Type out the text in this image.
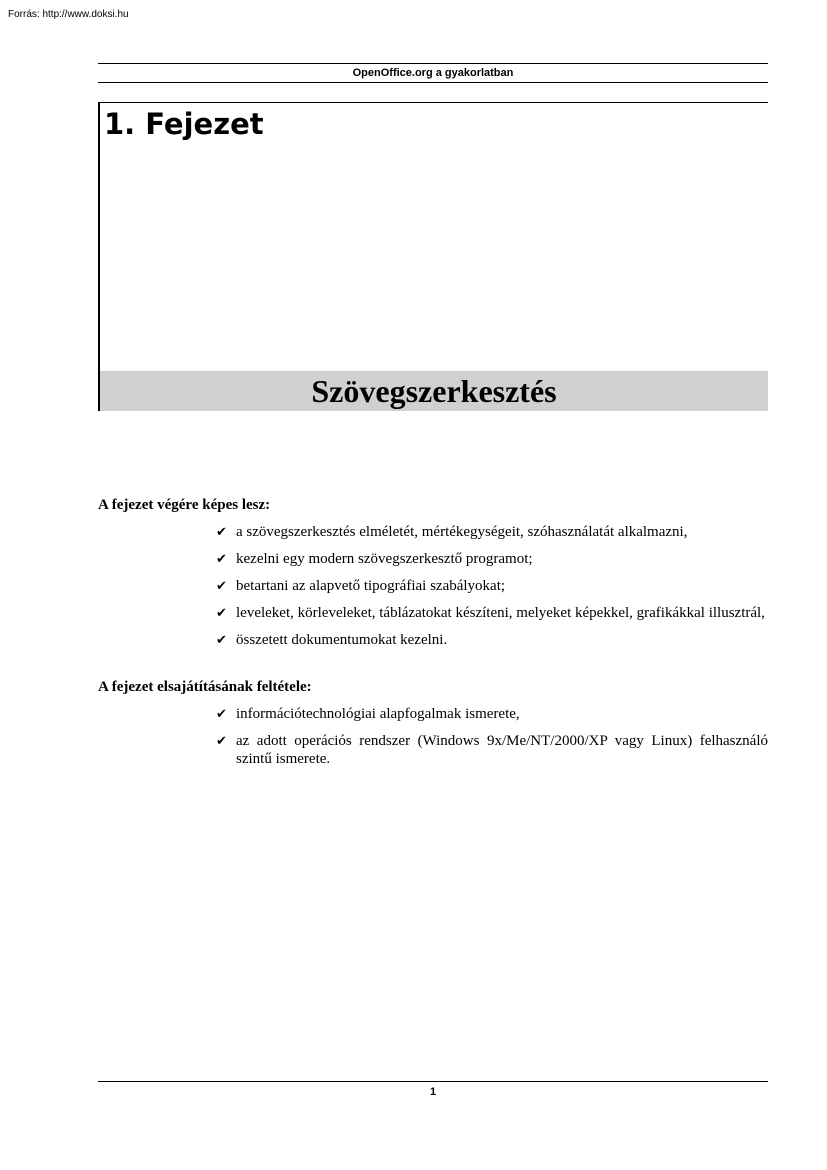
Forrás: http://www.doksi.hu
OpenOffice.org a gyakorlatban
1. Fejezet
Szövegszerkesztés
A fejezet végére képes lesz:
✔ a szövegszerkesztés elméletét, mértékegységeit, szóhasználatát alkalmazni,
✔ kezelni egy modern szövegszerkesztő programot;
✔ betartani az alapvető tipográfiai szabályokat;
✔ leveleket, körleveleket, táblázatokat készíteni, melyeket képekkel, grafikákkal illusztrál,
✔ összetett dokumentumokat kezelni.
A fejezet elsajátításának feltétele:
✔ információtechnológiai alapfogalmak ismerete,
✔ az adott operációs rendszer (Windows 9x/Me/NT/2000/XP vagy Linux) felhasználó szintű ismerete.
1
